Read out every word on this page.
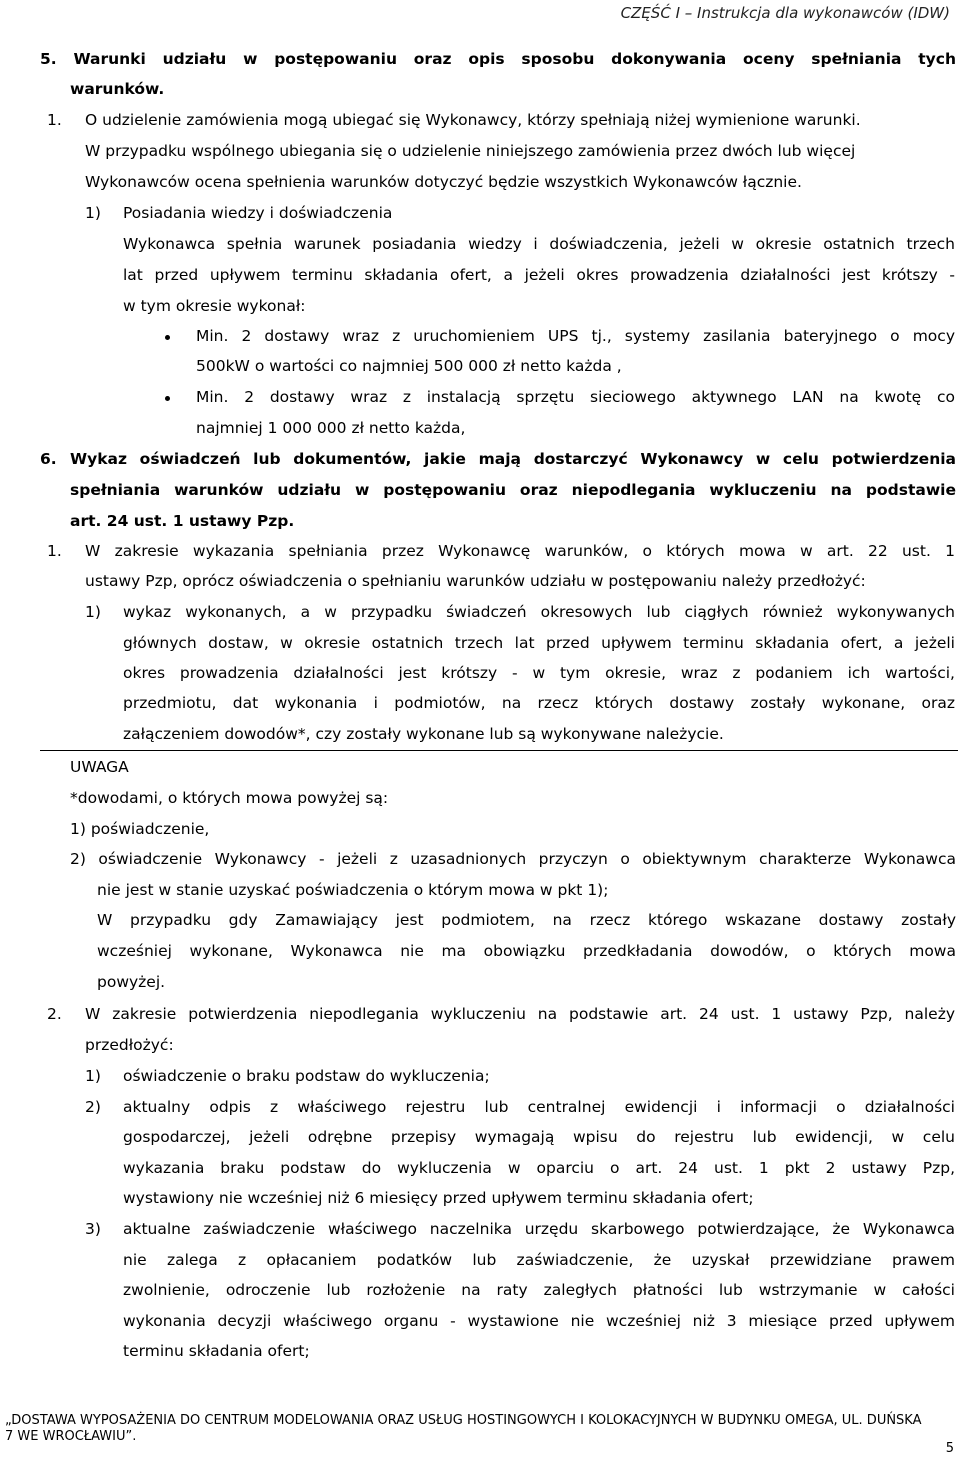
CZĘŚĆ I – Instrukcja dla wykonawców (IDW)
5. Warunki udziału w postępowaniu oraz opis sposobu dokonywania oceny spełniania tych
warunków.
1. O udzielenie zamówienia mogą ubiegać się Wykonawcy, którzy spełniają niżej wymienione warunki.
W przypadku wspólnego ubiegania się o udzielenie niniejszego zamówienia przez dwóch lub więcej
Wykonawców ocena spełnienia warunków dotyczyć będzie wszystkich Wykonawców łącznie.
1) Posiadania wiedzy i doświadczenia
Wykonawca spełnia warunek posiadania wiedzy i doświadczenia, jeżeli w okresie ostatnich trzech
lat przed upływem terminu składania ofert, a jeżeli okres prowadzenia działalności jest krótszy -
w tym okresie wykonał:
Min. 2 dostawy wraz z uruchomieniem UPS tj., systemy zasilania bateryjnego o mocy
500kW o wartości co najmniej 500 000 zł netto każda ,
Min. 2 dostawy wraz z instalacją sprzętu sieciowego aktywnego LAN na kwotę co
najmniej 1 000 000 zł netto każda,
6. Wykaz oświadczeń lub dokumentów, jakie mają dostarczyć Wykonawcy w celu potwierdzenia
spełniania warunków udziału w postępowaniu oraz niepodlegania wykluczeniu na podstawie
art. 24 ust. 1 ustawy Pzp.
1. W zakresie wykazania spełniania przez Wykonawcę warunków, o których mowa w art. 22 ust. 1
ustawy Pzp, oprócz oświadczenia o spełnianiu warunków udziału w postępowaniu należy przedłożyć:
1) wykaz wykonanych, a w przypadku świadczeń okresowych lub ciągłych również wykonywanych
głównych dostaw, w okresie ostatnich trzech lat przed upływem terminu składania ofert, a jeżeli
okres prowadzenia działalności jest krótszy - w tym okresie, wraz z podaniem ich wartości,
przedmiotu, dat wykonania i podmiotów, na rzecz których dostawy zostały wykonane, oraz
załączeniem dowodów*, czy zostały wykonane lub są wykonywane należycie.
UWAGA
*dowodami, o których mowa powyżej są:
1) poświadczenie,
2) oświadczenie Wykonawcy - jeżeli z uzasadnionych przyczyn o obiektywnym charakterze Wykonawca
nie jest w stanie uzyskać poświadczenia o którym mowa w pkt 1);
W przypadku gdy Zamawiający jest podmiotem, na rzecz którego wskazane dostawy zostały
wcześniej wykonane, Wykonawca nie ma obowiązku przedkładania dowodów, o których mowa
powyżej.
2. W zakresie potwierdzenia niepodlegania wykluczeniu na podstawie art. 24 ust. 1 ustawy Pzp, należy
przedłożyć:
1) oświadczenie o braku podstaw do wykluczenia;
2) aktualny odpis z właściwego rejestru lub centralnej ewidencji i informacji o działalności
gospodarczej, jeżeli odrębne przepisy wymagają wpisu do rejestru lub ewidencji, w celu
wykazania braku podstaw do wykluczenia w oparciu o art. 24 ust. 1 pkt 2 ustawy Pzp,
wystawiony nie wcześniej niż 6 miesięcy przed upływem terminu składania ofert;
3) aktualne zaświadczenie właściwego naczelnika urzędu skarbowego potwierdzające, że Wykonawca
nie zalega z opłacaniem podatków lub zaświadczenie, że uzyskał przewidziane prawem
zwolnienie, odroczenie lub rozłożenie na raty zaległych płatności lub wstrzymanie w całości
wykonania decyzji właściwego organu - wystawione nie wcześniej niż 3 miesiące przed upływem
terminu składania ofert;
„DOSTAWA WYPOSAŻENIA DO CENTRUM MODELOWANIA ORAZ USŁUG HOSTINGOWYCH I KOLOKACYJNYCH W BUDYNKU OMEGA, UL. DUŃSKA
7 WE WROCŁAWIU”.
5
